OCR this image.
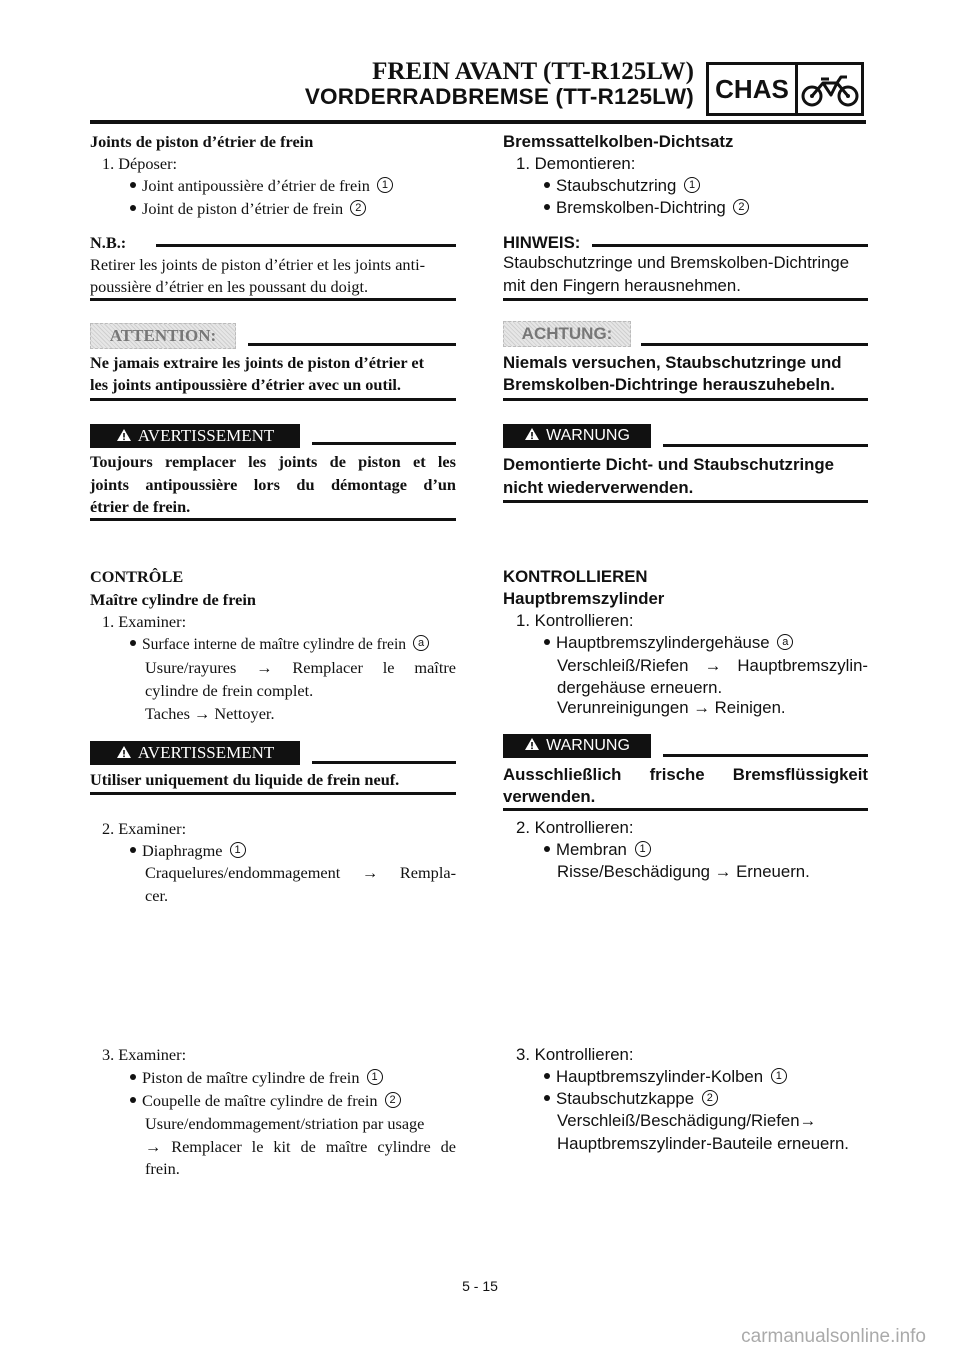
FREIN AVANT (TT-R125LW)
VORDERRADBREMSE (TT-R125LW) CHAS
Joints de piston d’étrier de frein
1. Déposer:
Joint antipoussière d’étrier de frein 1
Joint de piston d’étrier de frein 2
N.B.:
Retirer les joints de piston d’étrier et les joints anti-
poussière d’étrier en les poussant du doigt.
ATTENTION:
Ne jamais extraire les joints de piston d’étrier et
les joints antipoussière d’étrier avec un outil.
AVERTISSEMENT
Toujours remplacer les joints de piston et les
joints antipoussière lors du démontage d’un
étrier de frein.
CONTRÔLE
Maître cylindre de frein
1. Examiner:
Surface interne de maître cylindre de frein a
Usure/rayures → Remplacer le maître
cylindre de frein complet.
Taches → Nettoyer.
AVERTISSEMENT
Utiliser uniquement du liquide de frein neuf.
2. Examiner:
Diaphragme 1
Craquelures/endommagement → Rempla-
cer.
3. Examiner:
Piston de maître cylindre de frein 1
Coupelle de maître cylindre de frein 2
Usure/endommagement/striation par usage
→ Remplacer le kit de maître cylindre de
frein.
Bremssattelkolben-Dichtsatz
1. Demontieren:
Staubschutzring 1
Bremskolben-Dichtring 2
HINWEIS:
Staubschutzringe und Bremskolben-Dichtringe
mit den Fingern herausnehmen.
ACHTUNG:
Niemals versuchen, Staubschutzringe und
Bremskolben-Dichtringe herauszuhebeln.
WARNUNG
Demontierte Dicht- und Staubschutzringe
nicht wiederverwenden.
KONTROLLIEREN
Hauptbremszylinder
1. Kontrollieren:
Hauptbremszylindergehäuse a
Verschleiß/Riefen → Hauptbremszylin-
dergehäuse erneuern.
Verunreinigungen → Reinigen.
WARNUNG
Ausschließlich frische Bremsflüssigkeit
verwenden.
2. Kontrollieren:
Membran 1
Risse/Beschädigung → Erneuern.
3. Kontrollieren:
Hauptbremszylinder-Kolben 1
Staubschutzkappe 2
Verschleiß/Beschädigung/Riefen→
Hauptbremszylinder-Bauteile erneuern.
5 - 15
carmanualsonline.info
